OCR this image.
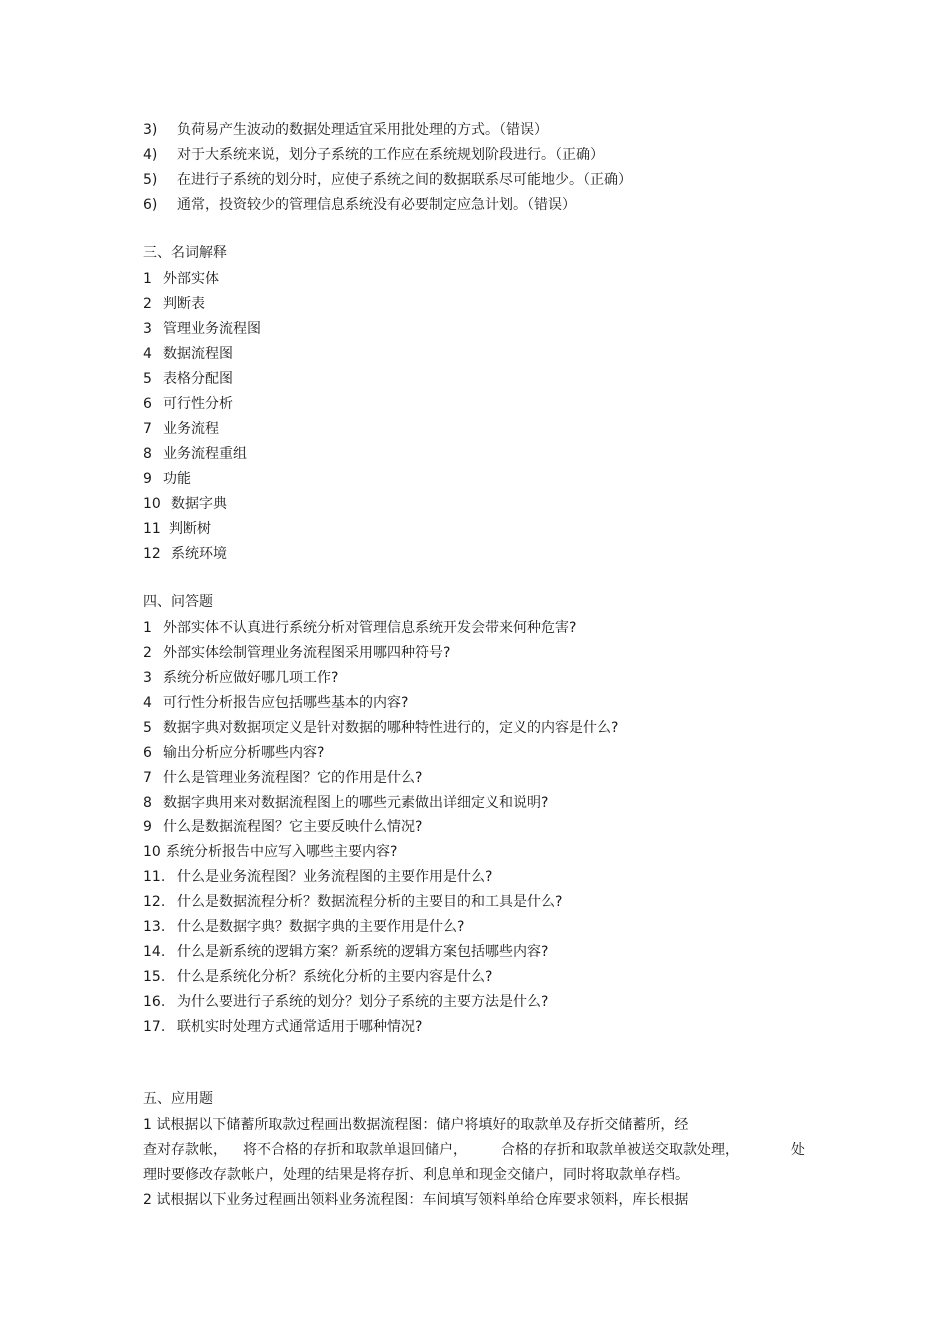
3) 负荷易产生波动的数据处理适宜采用批处理的方式。（错误）
4) 对于大系统来说，划分子系统的工作应在系统规划阶段进行。（正确）
5) 在进行子系统的划分时，应使子系统之间的数据联系尽可能地少。（正确）
6) 通常，投资较少的管理信息系统没有必要制定应急计划。（错误）
三、名词解释
1 外部实体
2 判断表
3 管理业务流程图
4 数据流程图
5 表格分配图
6 可行性分析
7 业务流程
8 业务流程重组
9 功能
10 数据字典
11 判断树
12 系统环境
四、问答题
1 外部实体不认真进行系统分析对管理信息系统开发会带来何种危害?
2 外部实体绘制管理业务流程图采用哪四种符号?
3 系统分析应做好哪几项工作?
4 可行性分析报告应包括哪些基本的内容?
5 数据字典对数据项定义是针对数据的哪种特性进行的，定义的内容是什么?
6 输出分析应分析哪些内容?
7 什么是管理业务流程图？它的作用是什么?
8 数据字典用来对数据流程图上的哪些元素做出详细定义和说明?
9 什么是数据流程图？它主要反映什么情况?
10 系统分析报告中应写入哪些主要内容?
11. 什么是业务流程图？业务流程图的主要作用是什么?
12. 什么是数据流程分析？数据流程分析的主要目的和工具是什么?
13. 什么是数据字典？数据字典的主要作用是什么?
14. 什么是新系统的逻辑方案？新系统的逻辑方案包括哪些内容?
15. 什么是系统化分析？系统化分析的主要内容是什么?
16. 为什么要进行子系统的划分？划分子系统的主要方法是什么?
17. 联机实时处理方式通常适用于哪种情况?
五、应用题
1 试根据以下储蓄所取款过程画出数据流程图：储户将填好的取款单及存折交储蓄所，经
查对存款帐， 将不合格的存折和取款单退回储户， 合格的存折和取款单被送交取款处理，	处
理时要修改存款帐户，处理的结果是将存折、利息单和现金交储户，同时将取款单存档。
2 试根据以下业务过程画出领料业务流程图：车间填写领料单给仓库要求领料，库长根据
